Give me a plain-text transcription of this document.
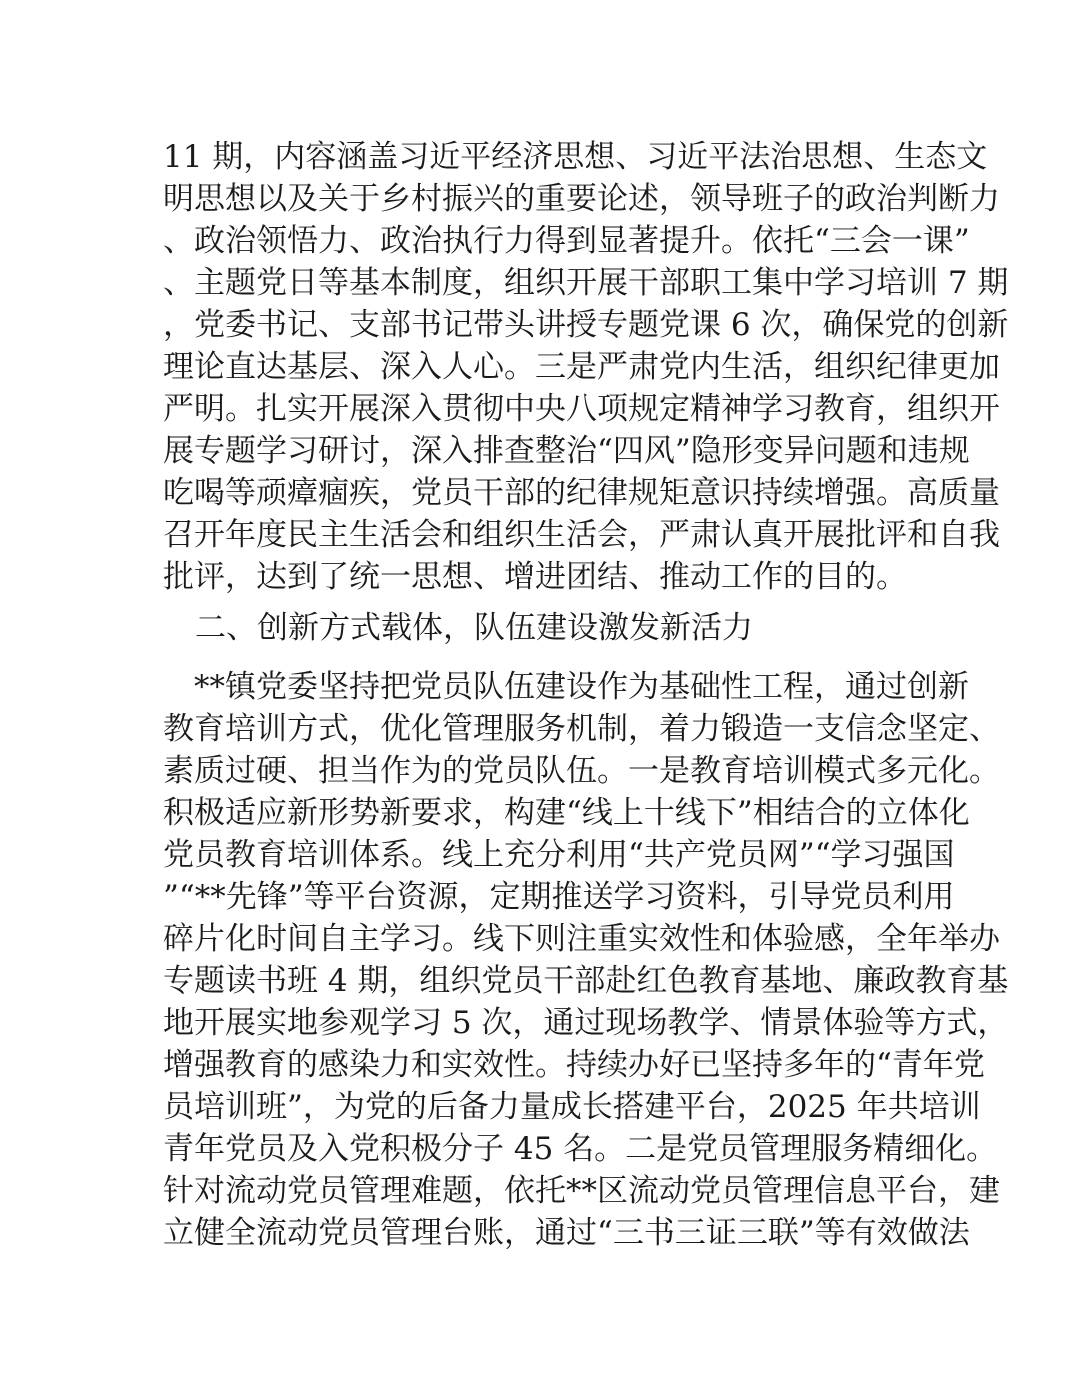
11 期，内容涵盖习近平经济思想、习近平法治思想、生态文
明思想以及关于乡村振兴的重要论述，领导班子的政治判断力
、政治领悟力、政治执行力得到显著提升。依托“三会一课”
、主题党日等基本制度，组织开展干部职工集中学习培训 7 期
，党委书记、支部书记带头讲授专题党课 6 次，确保党的创新
理论直达基层、深入人心。三是严肃党内生活，组织纪律更加
严明。扎实开展深入贯彻中央八项规定精神学习教育，组织开
展专题学习研讨，深入排查整治“四风”隐形变异问题和违规
吃喝等顽瘴痼疾，党员干部的纪律规矩意识持续增强。高质量
召开年度民主生活会和组织生活会，严肃认真开展批评和自我
批评，达到了统一思想、增进团结、推动工作的目的。
二、创新方式载体，队伍建设激发新活力
　**镇党委坚持把党员队伍建设作为基础性工程，通过创新
教育培训方式，优化管理服务机制，着力锻造一支信念坚定、
素质过硬、担当作为的党员队伍。一是教育培训模式多元化。
积极适应新形势新要求，构建“线上十线下”相结合的立体化
党员教育培训体系。线上充分利用“共产党员网”“学习强国
”“**先锋”等平台资源，定期推送学习资料，引导党员利用
碎片化时间自主学习。线下则注重实效性和体验感，全年举办
专题读书班 4 期，组织党员干部赴红色教育基地、廉政教育基
地开展实地参观学习 5 次，通过现场教学、情景体验等方式，
增强教育的感染力和实效性。持续办好已坚持多年的“青年党
员培训班”，为党的后备力量成长搭建平台，2025 年共培训
青年党员及入党积极分子 45 名。二是党员管理服务精细化。
针对流动党员管理难题，依托**区流动党员管理信息平台，建
立健全流动党员管理台账，通过“三书三证三联”等有效做法
